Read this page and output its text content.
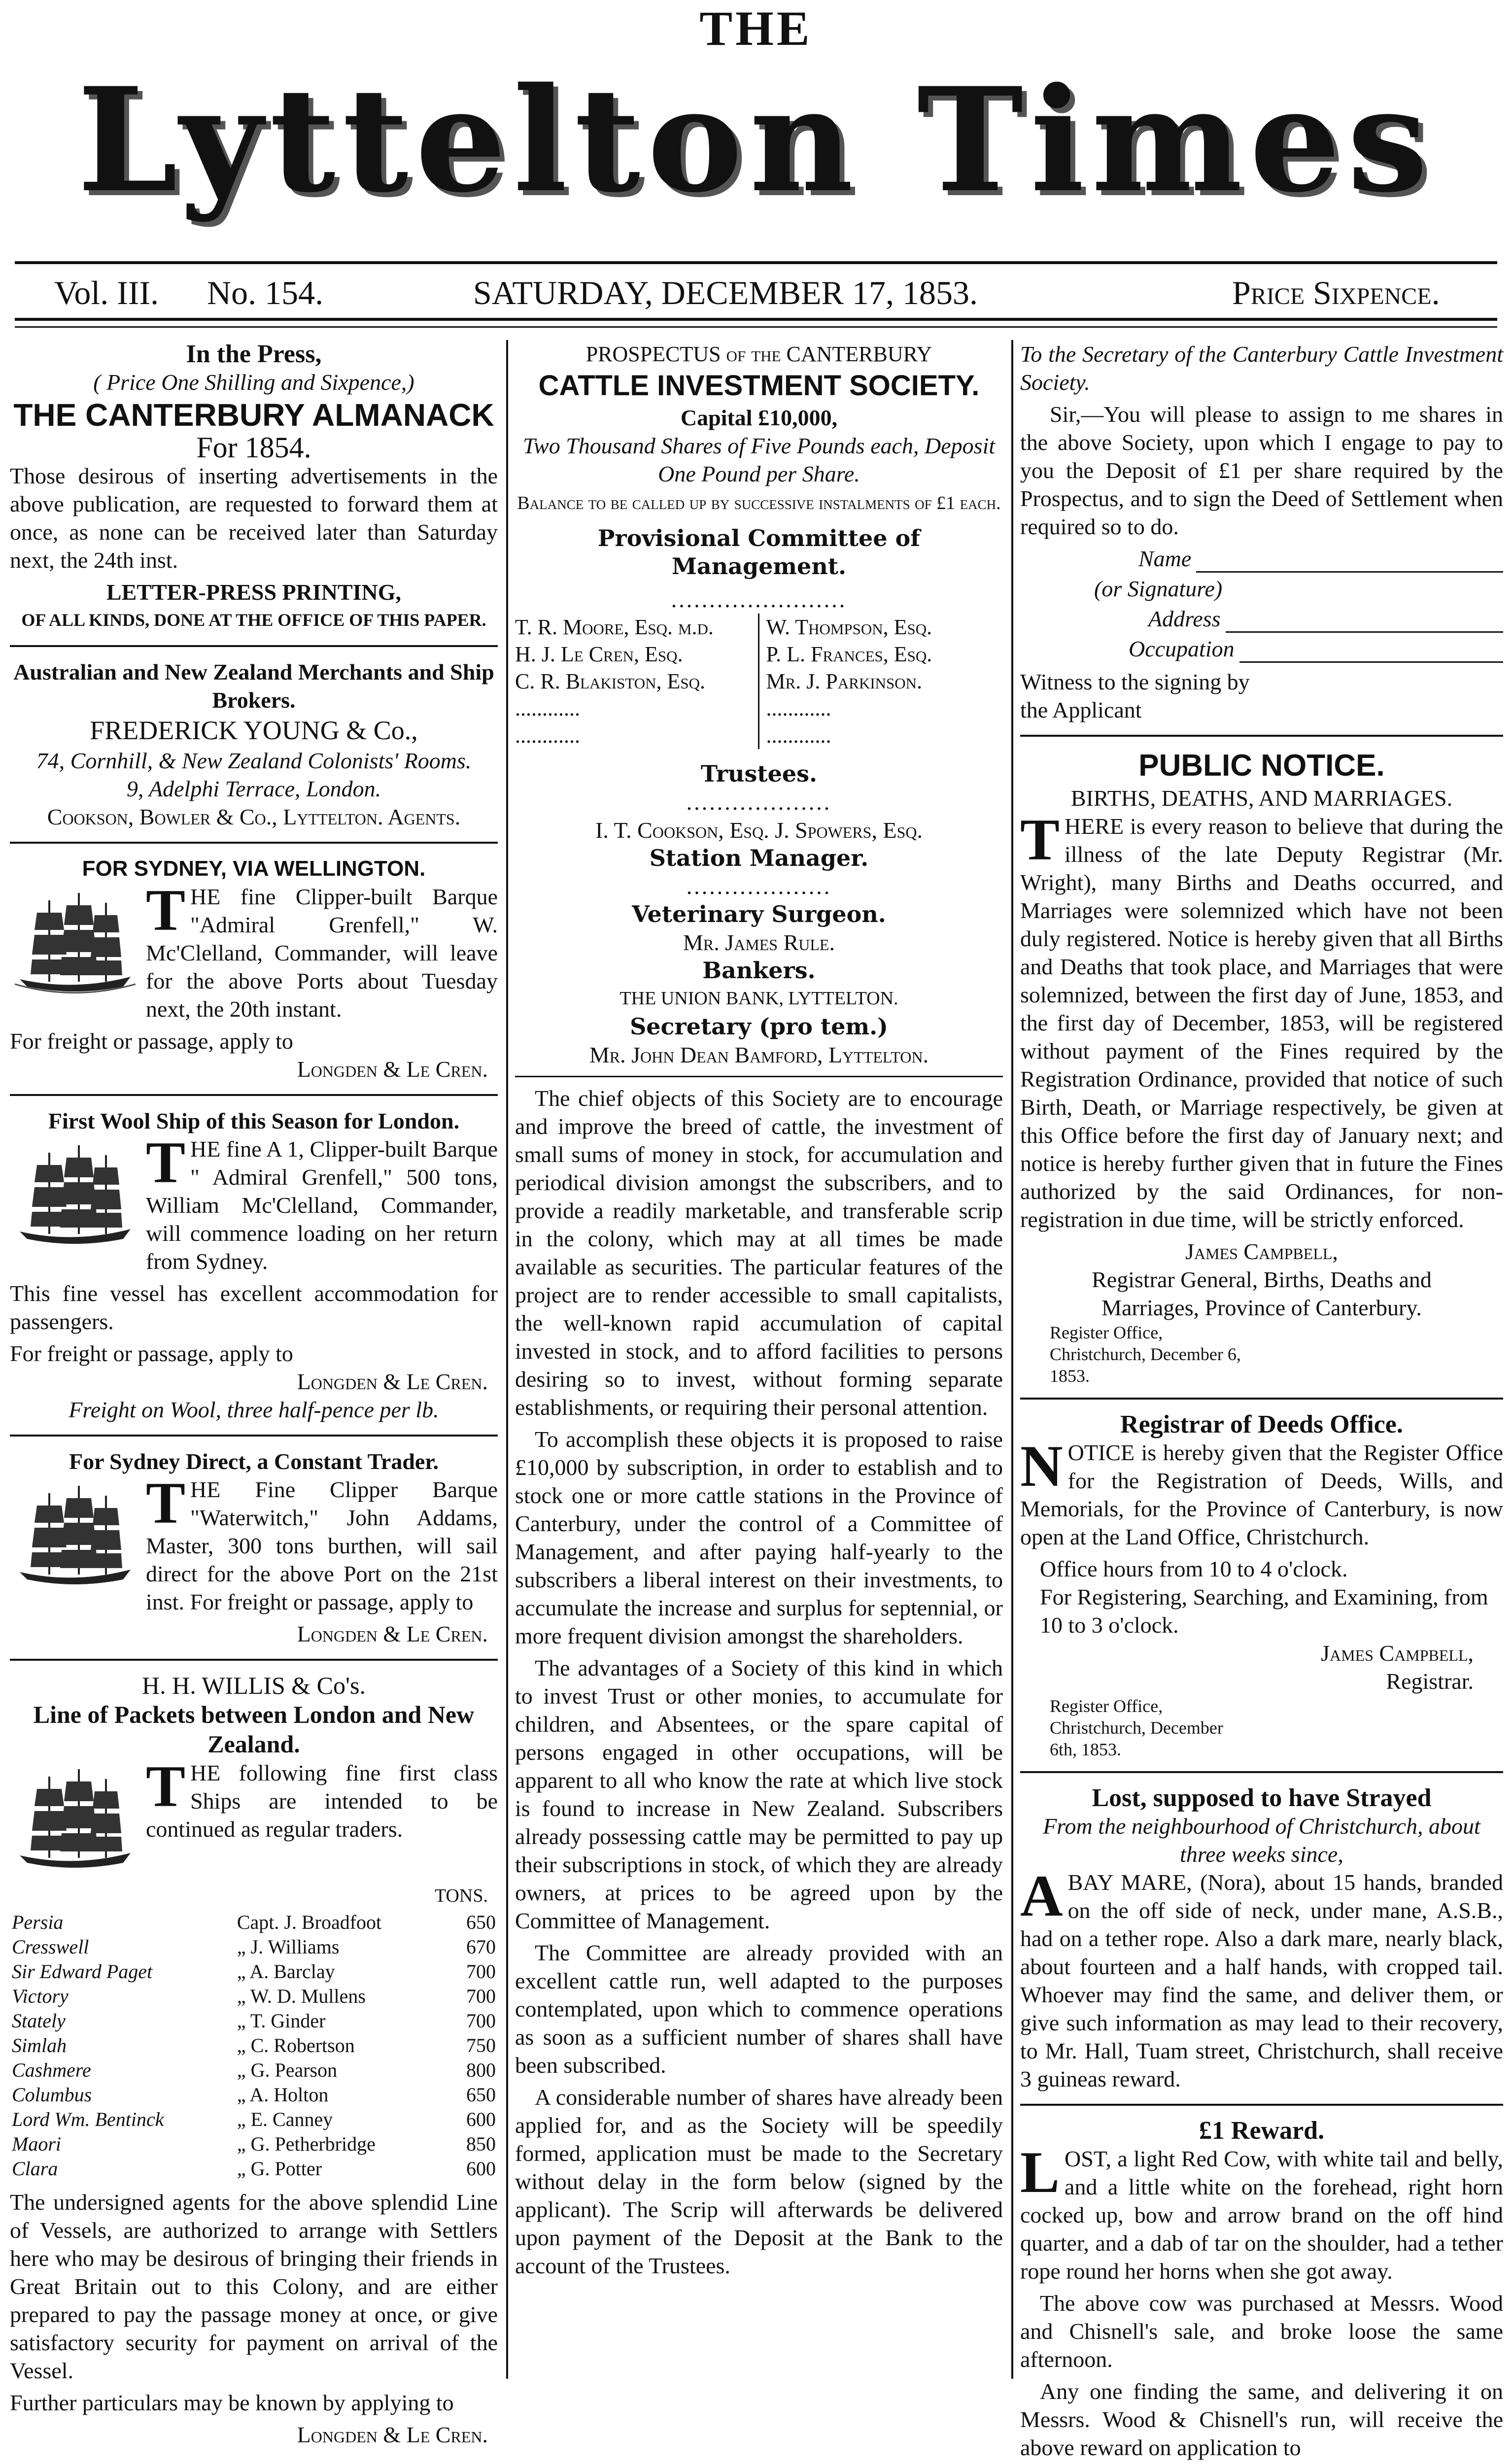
THE
Lyttelton Times
Vol. III. No. 154.	SATURDAY, DECEMBER 17, 1853.	Price Sixpence.
In the Press,
( Price One Shilling and Sixpence,)
THE CANTERBURY ALMANACK
For 1854.

Those desirous of inserting advertisements in the above publication, are requested to forward them at once, as none can be received later than Saturday next, the 24th inst.

LETTER-PRESS PRINTING,
OF ALL KINDS, DONE AT THE OFFICE OF THIS PAPER.
Australian and New Zealand Merchants and Ship Brokers.
FREDERICK YOUNG & Co.,
74, Cornhill, & New Zealand Colonists' Rooms.
9, Adelphi Terrace, London.
Cookson, Bowler & Co., Lyttelton. Agents.
FOR SYDNEY, VIA WELLINGTON.

THE fine Clipper-built Barque "Admiral Grenfell," W. Mc'Clelland, Commander, will leave for the above Ports about Tuesday next, the 20th instant.

For freight or passage, apply to
Longden & Le Cren.
First Wool Ship of this Season for London.

THE fine A 1, Clipper-built Barque " Admiral Grenfell," 500 tons, William Mc'Clelland, Commander, will commence loading on her return from Sydney.

This fine vessel has excellent accommodation for passengers.

For freight or passage, apply to
Longden & Le Cren.
Freight on Wool, three half-pence per lb.
For Sydney Direct, a Constant Trader.

THE Fine Clipper Barque "Waterwitch," John Addams, Master, 300 tons burthen, will sail direct for the above Port on the 21st inst. For freight or passage, apply to

Longden & Le Cren.
H. H. WILLIS & Co's.
Line of Packets between London and New Zealand.

THE following fine first class Ships are intended to be continued as regular traders.

TONS.
Persia	Capt. J. Broadfoot	650
Cresswell	„ J. Williams	670
Sir Edward Paget	„ A. Barclay	700
Victory	„ W. D. Mullens	700
Stately	„ T. Ginder	700
Simlah	„ C. Robertson	750
Cashmere	„ G. Pearson	800
Columbus	„ A. Holton	650
Lord Wm. Bentinck	„ E. Canney	600
Maori	„ G. Petherbridge	850
Clara	„ G. Potter	600

The undersigned agents for the above splendid Line of Vessels, are authorized to arrange with Settlers here who may be desirous of bringing their friends in Great Britain out to this Colony, and are either prepared to pay the passage money at once, or give satisfactory security for payment on arrival of the Vessel.

Further particulars may be known by applying to

Longden & Le Cren.
PROSPECTUS of the CANTERBURY
CATTLE INVESTMENT SOCIETY.
Capital £10,000,
Two Thousand Shares of Five Pounds each, Deposit One Pound per Share.
Balance to be called up by successive instalments of £1 each.
Provisional Committee of Management.
.......................
T. R. Moore, Esq. m.d.
H. J. Le Cren, Esq.
C. R. Blakiston, Esq.
............
............
W. Thompson, Esq.
P. L. Frances, Esq.
Mr. J. Parkinson.
............
............
Trustees.
...................
I. T. Cookson, Esq. J. Spowers, Esq.
Station Manager.
...................
Veterinary Surgeon.
Mr. James Rule.
Bankers.
THE UNION BANK, LYTTELTON.
Secretary (pro tem.)
Mr. John Dean Bamford, Lyttelton.

The chief objects of this Society are to encourage and improve the breed of cattle, the investment of small sums of money in stock, for accumulation and periodical division amongst the subscribers, and to provide a readily marketable, and transferable scrip in the colony, which may at all times be made available as securities. The particular features of the project are to render accessible to small capitalists, the well-known rapid accumulation of capital invested in stock, and to afford facilities to persons desiring so to invest, without forming separate establishments, or requiring their personal attention.

To accomplish these objects it is proposed to raise £10,000 by subscription, in order to establish and to stock one or more cattle stations in the Province of Canterbury, under the control of a Committee of Management, and after paying half-yearly to the subscribers a liberal interest on their investments, to accumulate the increase and surplus for septennial, or more frequent division amongst the shareholders.

The advantages of a Society of this kind in which to invest Trust or other monies, to accumulate for children, and Absentees, or the spare capital of persons engaged in other occupations, will be apparent to all who know the rate at which live stock is found to increase in New Zealand. Subscribers already possessing cattle may be permitted to pay up their subscriptions in stock, of which they are already owners, at prices to be agreed upon by the Committee of Management.

The Committee are already provided with an excellent cattle run, well adapted to the purposes contemplated, upon which to commence operations as soon as a sufficient number of shares shall have been subscribed.

A considerable number of shares have already been applied for, and as the Society will be speedily formed, application must be made to the Secretary without delay in the form below (signed by the applicant). The Scrip will afterwards be delivered upon payment of the Deposit at the Bank to the account of the Trustees.

To the Secretary of the Canterbury Cattle Investment Society.

Sir,—You will please to assign to me shares in the above Society, upon which I engage to pay to you the Deposit of £1 per share required by the Prospectus, and to sign the Deed of Settlement when required so to do.

Name
(or Signature)
Address
Occupation
Witness to the signing by the Applicant
PUBLIC NOTICE.
BIRTHS, DEATHS, AND MARRIAGES.

THERE is every reason to believe that during the illness of the late Deputy Registrar (Mr. Wright), many Births and Deaths occurred, and Marriages were solemnized which have not been duly registered. Notice is hereby given that all Births and Deaths that took place, and Marriages that were solemnized, between the first day of June, 1853, and the first day of December, 1853, will be registered without payment of the Fines required by the Registration Ordinance, provided that notice of such Birth, Death, or Marriage respectively, be given at this Office before the first day of January next; and notice is hereby further given that in future the Fines authorized by the said Ordinances, for non-registration in due time, will be strictly enforced.

James Campbell,
Registrar General, Births, Deaths and Marriages, Province of Canterbury.
Register Office, Christchurch, December 6, 1853.
Registrar of Deeds Office.

NOTICE is hereby given that the Register Office for the Registration of Deeds, Wills, and Memorials, for the Province of Canterbury, is now open at the Land Office, Christchurch.

Office hours from 10 to 4 o'clock.
For Registering, Searching, and Examining, from 10 to 3 o'clock.
James Campbell,
Registrar.
Register Office, Christchurch, December 6th, 1853.
Lost, supposed to have Strayed
From the neighbourhood of Christchurch, about three weeks since,

ABAY MARE, (Nora), about 15 hands, branded on the off side of neck, under mane, A.S.B., had on a tether rope. Also a dark mare, nearly black, about fourteen and a half hands, with cropped tail. Whoever may find the same, and deliver them, or give such information as may lead to their recovery, to Mr. Hall, Tuam street, Christchurch, shall receive 3 guineas reward.

£1 Reward.

LOST, a light Red Cow, with white tail and belly, and a little white on the forehead, right horn cocked up, bow and arrow brand on the off hind quarter, and a dab of tar on the shoulder, had a tether rope round her horns when she got away.

The above cow was purchased at Messrs. Wood and Chisnell's sale, and broke loose the same afternoon.

Any one finding the same, and delivering it on Messrs. Wood & Chisnell's run, will receive the above reward on application to
